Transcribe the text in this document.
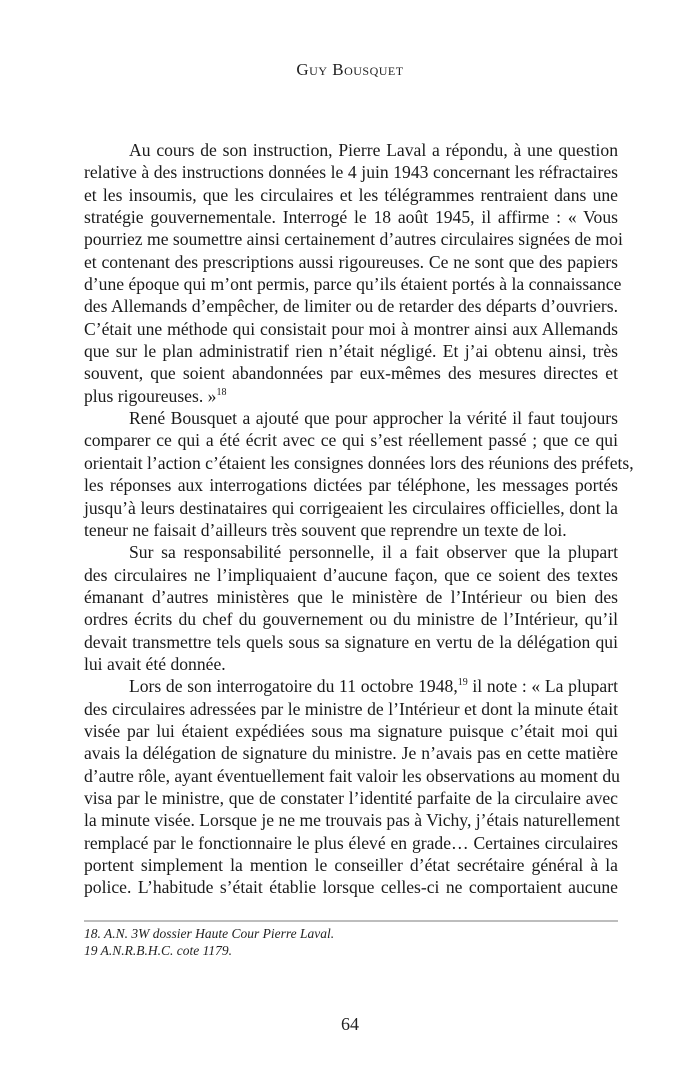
Guy Bousquet
Au cours de son instruction, Pierre Laval a répondu, à une question
relative à des instructions données le 4 juin 1943 concernant les réfractaires
et les insoumis, que les circulaires et les télégrammes rentraient dans une
stratégie gouvernementale. Interrogé le 18 août 1945, il affirme : « Vous
pourriez me soumettre ainsi certainement d’autres circulaires signées de moi
et contenant des prescriptions aussi rigoureuses. Ce ne sont que des papiers
d’une époque qui m’ont permis, parce qu’ils étaient portés à la connaissance
des Allemands d’empêcher, de limiter ou de retarder des départs d’ouvriers.
C’était une méthode qui consistait pour moi à montrer ainsi aux Allemands
que sur le plan administratif rien n’était négligé. Et j’ai obtenu ainsi, très
souvent, que soient abandonnées par eux-mêmes des mesures directes et
plus rigoureuses. »$^{18}$
René Bousquet a ajouté que pour approcher la vérité il faut toujours
comparer ce qui a été écrit avec ce qui s’est réellement passé ; que ce qui
orientait l’action c’étaient les consignes données lors des réunions des préfets,
les réponses aux interrogations dictées par téléphone, les messages portés
jusqu’à leurs destinataires qui corrigeaient les circulaires officielles, dont la
teneur ne faisait d’ailleurs très souvent que reprendre un texte de loi.
Sur sa responsabilité personnelle, il a fait observer que la plupart
des circulaires ne l’impliquaient d’aucune façon, que ce soient des textes
émanant d’autres ministères que le ministère de l’Intérieur ou bien des
ordres écrits du chef du gouvernement ou du ministre de l’Intérieur, qu’il
devait transmettre tels quels sous sa signature en vertu de la délégation qui
lui avait été donnée.
Lors de son interrogatoire du 11 octobre 1948,19 il note : « La plupart
des circulaires adressées par le ministre de l’Intérieur et dont la minute était
visée par lui étaient expédiées sous ma signature puisque c’était moi qui
avais la délégation de signature du ministre. Je n’avais pas en cette matière
d’autre rôle, ayant éventuellement fait valoir les observations au moment du
visa par le ministre, que de constater l’identité parfaite de la circulaire avec
la minute visée. Lorsque je ne me trouvais pas à Vichy, j’étais naturellement
remplacé par le fonctionnaire le plus élevé en grade… Certaines circulaires
portent simplement la mention le conseiller d’état secrétaire général à la
police. L’habitude s’était établie lorsque celles-ci ne comportaient aucune
18. A.N. 3W dossier Haute Cour Pierre Laval.
19 A.N.R.B.H.C. cote 1179.
64
